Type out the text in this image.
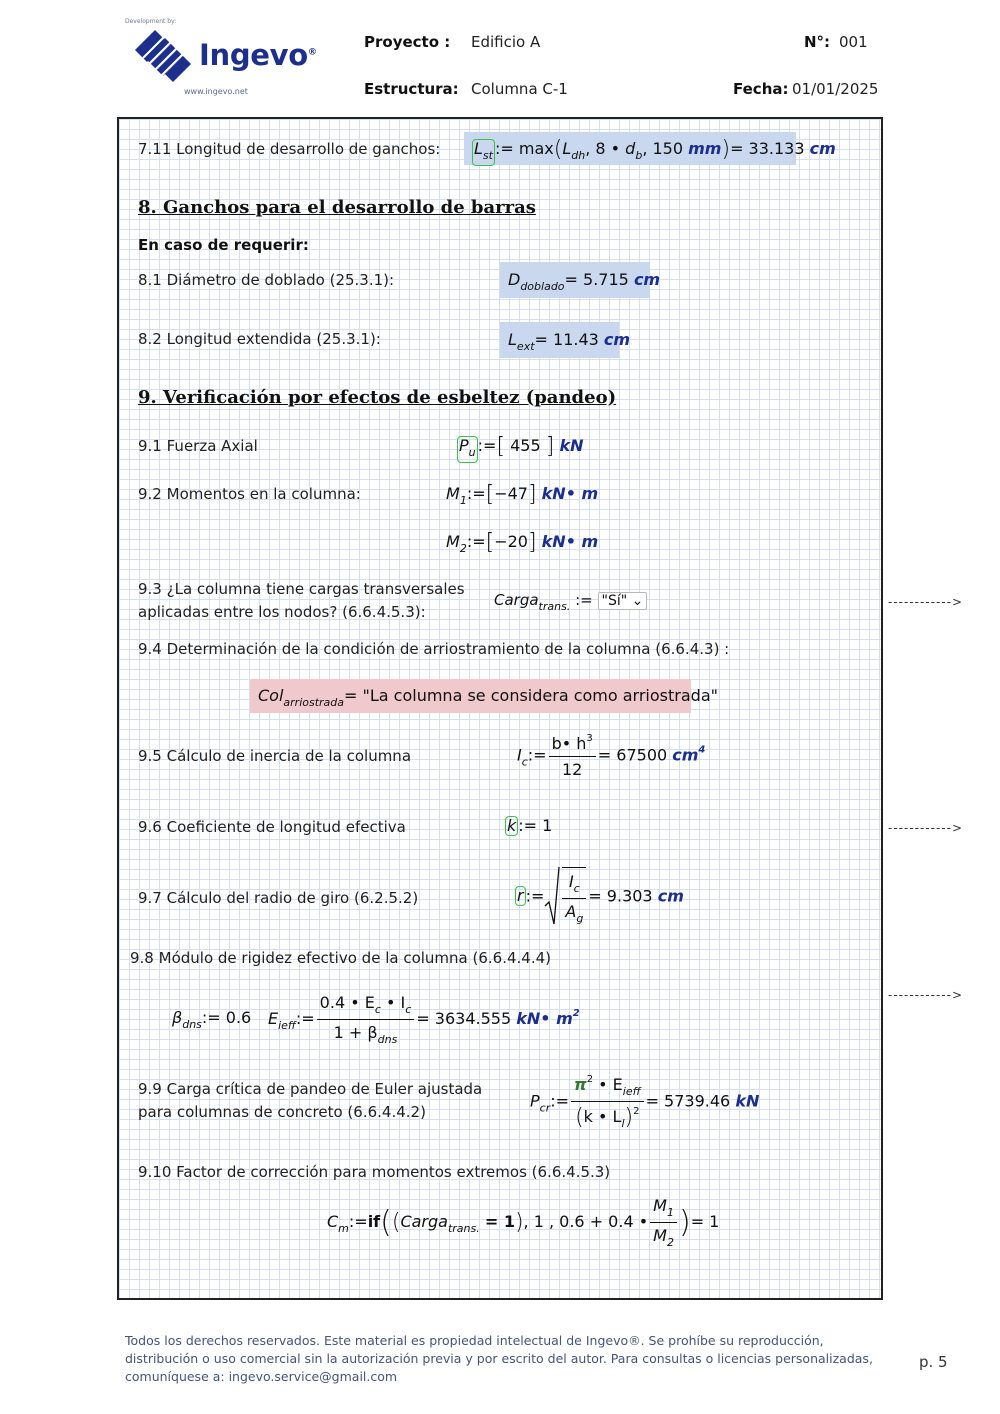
Development by:
Ingevo®
www.ingevo.net
Proyecto : Edificio A	N°: 001
Estructura: Columna C-1	Fecha: 01/01/2025
7.11 Longitud de desarrollo de ganchos:	$L_{st}$ := $\max(L_{dh}$, 8 • $d_b$, 150 mm)= 33.133 cm
8. Ganchos para el desarrollo de barras
En caso de requerir:
8.1 Diámetro de doblado (25.3.1):	$D_{doblado}= 5.715$ cm
8.2 Longitud extendida (25.3.1):	$L_{ext}= 11.43$ cm
9. Verificación por efectos de esbeltez (pandeo)
9.1 Fuerza Axial	$P_u$ :=[ 455 ] kN
9.2 Momentos en la columna:	$M_1:=[-47]$ kN• m
$M_2:=[-20]$ kN• m
9.3 ¿La columna tiene cargas transversales
aplicadas entre los nodos? (6.6.4.5.3):
Carga$_{trans.}$ := "Sí" ⌄	------------>
9.4 Determinación de la condición de arriostramiento de la columna (6.6.4.3) :
Col$_{arriostrada}$= "La columna se considera como arriostrada"
9.5 Cálculo de inercia de la columna	$I_c:= \frac{b• h^3}{12} = 67500$ $cm^4$
9.6 Coeficiente de longitud efectiva	k := 1	------------>
9.7 Cálculo del radio de giro (6.2.5.2)	r := $\frac{I_c}{A_g} = 9.303$ cm
9.8 Módulo de rigidez efectivo de la columna (6.6.4.4.4)
$\beta_{dns}:= 0.6$ $E_{ieff}:= \frac{0.4 • E_c • I_c}{1 + \beta_{dns}} = 3634.555$ kN• $m^2$
------------>
9.9 Carga crítica de pandeo de Euler ajustada
para columnas de concreto (6.6.4.4.2)
$P_{cr}:= \frac{\pi^2 • E_{ieff}}{(k • L_l)^2} = 5739.46$ kN
9.10 Factor de corrección para momentos extremos (6.6.4.5.3)
$C_m:=if((Carga_{trans.} = 1)$, 1 , 0.6 + 0.4 • $\frac{M_1}{M_2}$ )= 1
Todos los derechos reservados. Este material es propiedad intelectual de Ingevo®. Se prohíbe su reproducción, distribución o uso comercial sin la autorización previa y por escrito del autor. Para consultas o licencias personalizadas, comuníquese a: ingevo.service@gmail.com
p. 5
